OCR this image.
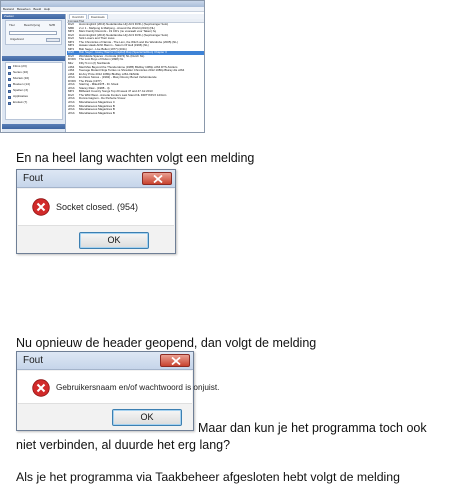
Bestand Bewerken Beeld Help
Zoeken
Titel	Beschrijving	NZB
Uitgebreid
Films (23)
Series (10)
Muziek (16)
Boeken (14)
Spellen (3)
Applicaties
Erotiek (7)
Overzicht	Downloads
Formaat Titel
DivX	Hummingbird (2013) Nederlandse HQ AC3 DVD-) (Seprissinger Solo)
NBD	2 or 1 - Mahjong & Mahjong - Around the World (2013) (NL)
MP3	Marc Family Records - 19 CD's (nu vooraadt voor Taken) hq
DivX	Hummingbird (2013) Nederlandse HQ AC3 DVD-) (Seprissinger Solo)
DivX	Sick Lovers and Their Lives
MP3	The Chronicles of Narnia - The Lion, the Witch and the Wardrobe (2005) (NL)
MP3	Hawax Hawk Ahhh Bamm - Saturn Of Hell (1996) (NL)
MP3	Bob Seger - Live Bullet (1977) (2011)
DivX	Bob Seger - Heavy Warrior (Capitol) Rap (Special Edition) Chapter 3
DivX	Worldwide Spaces - Formula (1974) NL (Dutch NL)
DVD9	The Lost Boys of Pelton (1998) NL
Mkv	Fifty 5 mm (f) Nordlands
x264	Mad Max Beyond the Thunderdome (1985) BluRay 1080p x264 DTS-Smilers
x264	Teenage Mutant Ninja Turtles vs Shredder Chronicles 2012 1080p Bluray dts x264
x264	Et Any Price 2012 1080p BluRay x264-VENUE
xPub	En Deux Stores - (1992) - Maxy Roomy Bored Verfelmkende
DVD9	The Pirate (1977)
xPub	Starring - Mike1978 - Dr. Mook
xPub	Stacey Raw - (1988 - 4)
MP3	Billboard Country Songs Top 20 week 47 and 47 Jul 2013
DivX	The Wild West - Annette Funke's Last Stand NL DIRTYDIVX 123min
xPub	Donna Gagnon - De Perfecte Vrouw
xPub	Miscellaneous Magazines C
xPub	Miscellaneous Magazines B
xPub	Miscellaneous Magazines B
xPub	Miscellaneous Magazines B
En na heel lang wachten volgt een melding
Fout
Socket closed. (954)
OK
Nu opnieuw de header geopend, dan volgt de melding
Fout
Gebruikersnaam en/of wachtwoord is onjuist.
OK
Maar dan kun je het programma toch ook
niet verbinden, al duurde het erg lang?
Als je het programma via Taakbeheer afgesloten hebt volgt de melding
